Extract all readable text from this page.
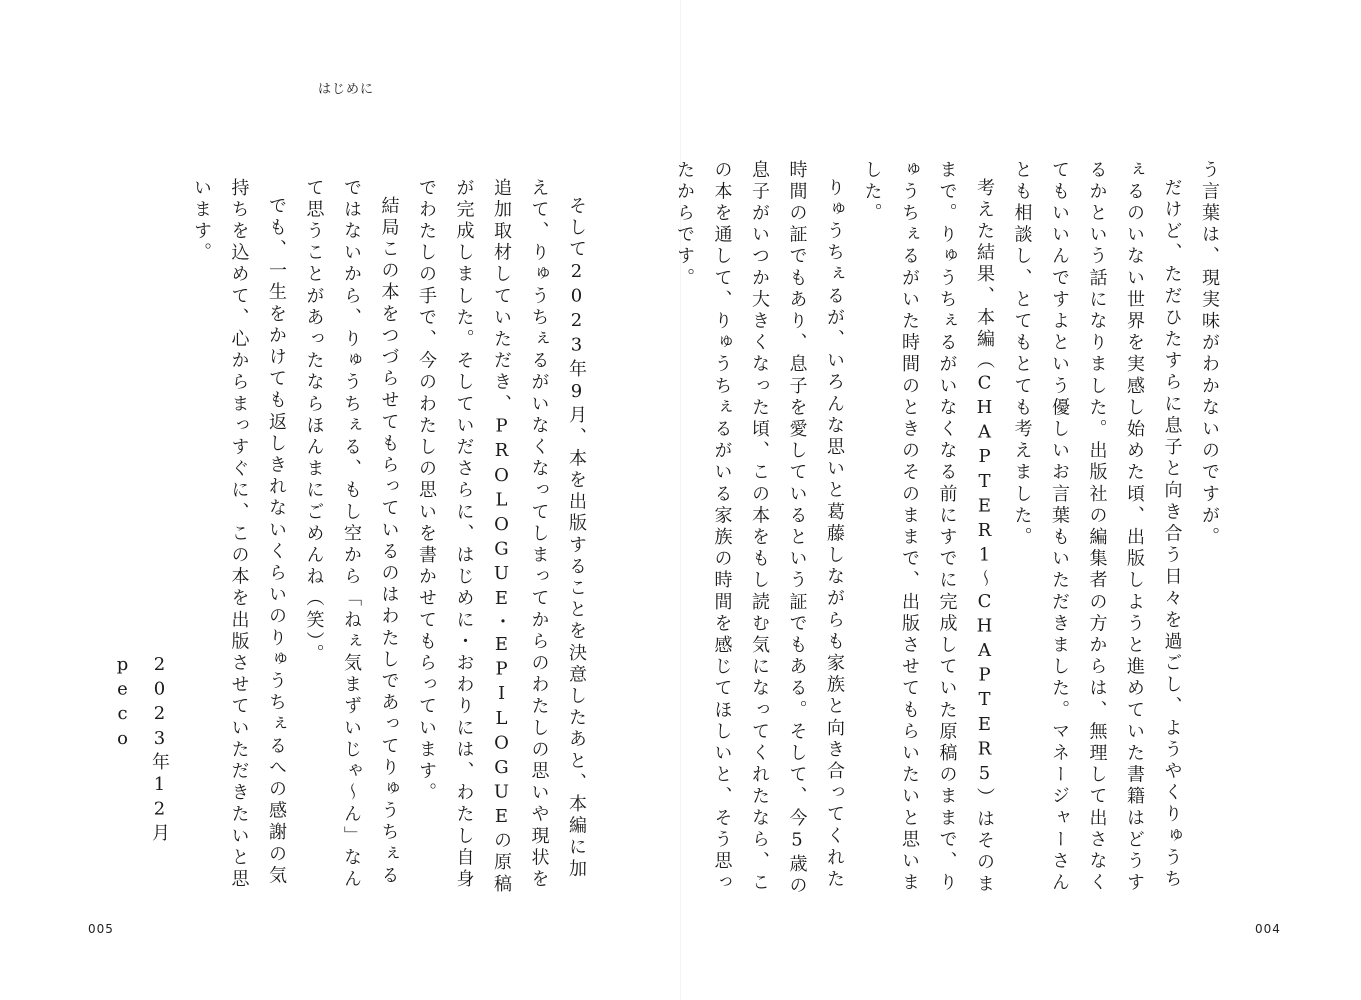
はじめに

う言葉は、現実味がわかないのですが。

だけど、ただひたすらに息子と向き合う日々を過ごし、ようやくりゅうちぇるのいない世界を実感し始めた頃、出版しようと進めていた書籍はどうするかという話になりました。出版社の編集者の方からは、無理して出さなくてもいいんですよという優しいお言葉もいただきました。マネージャーさんとも相談し、とてもとても考えました。

考えた結果、本編（CHAPTER1〜CHAPTER5）はそのままで。りゅうちぇるがいなくなる前にすでに完成していた原稿のままで、りゅうちぇるがいた時間のときのそのままで、出版させてもらいたいと思いました。

りゅうちぇるが、いろんな思いと葛藤しながらも家族と向き合ってくれた時間の証でもあり、息子を愛しているという証でもある。そして、今5歳の息子がいつか大きくなった頃、この本をもし読む気になってくれたなら、この本を通して、りゅうちぇるがいる家族の時間を感じてほしいと、そう思ったからです。

そして2023年9月、本を出版することを決意したあと、本編に加えて、りゅうちぇるがいなくなってしまってからのわたしの思いや現状を追加取材していただき、PROLOGUE・EPILOGUEの原稿が完成しました。そしていださらに、はじめに・おわりには、わたし自身でわたしの手で、今のわたしの思いを書かせてもらっています。

結局この本をつづらせてもらっているのはわたしであってりゅうちぇるではないから、りゅうちぇる、もし空から「ねぇ気まずいじゃ〜ん」なんて思うことがあったならほんまにごめんね（笑）。

でも、一生をかけても返しきれないくらいのりゅうちぇるへの感謝の気持ちを込めて、心からまっすぐに、この本を出版させていただきたいと思います。

2023年12月
peco
005	004
